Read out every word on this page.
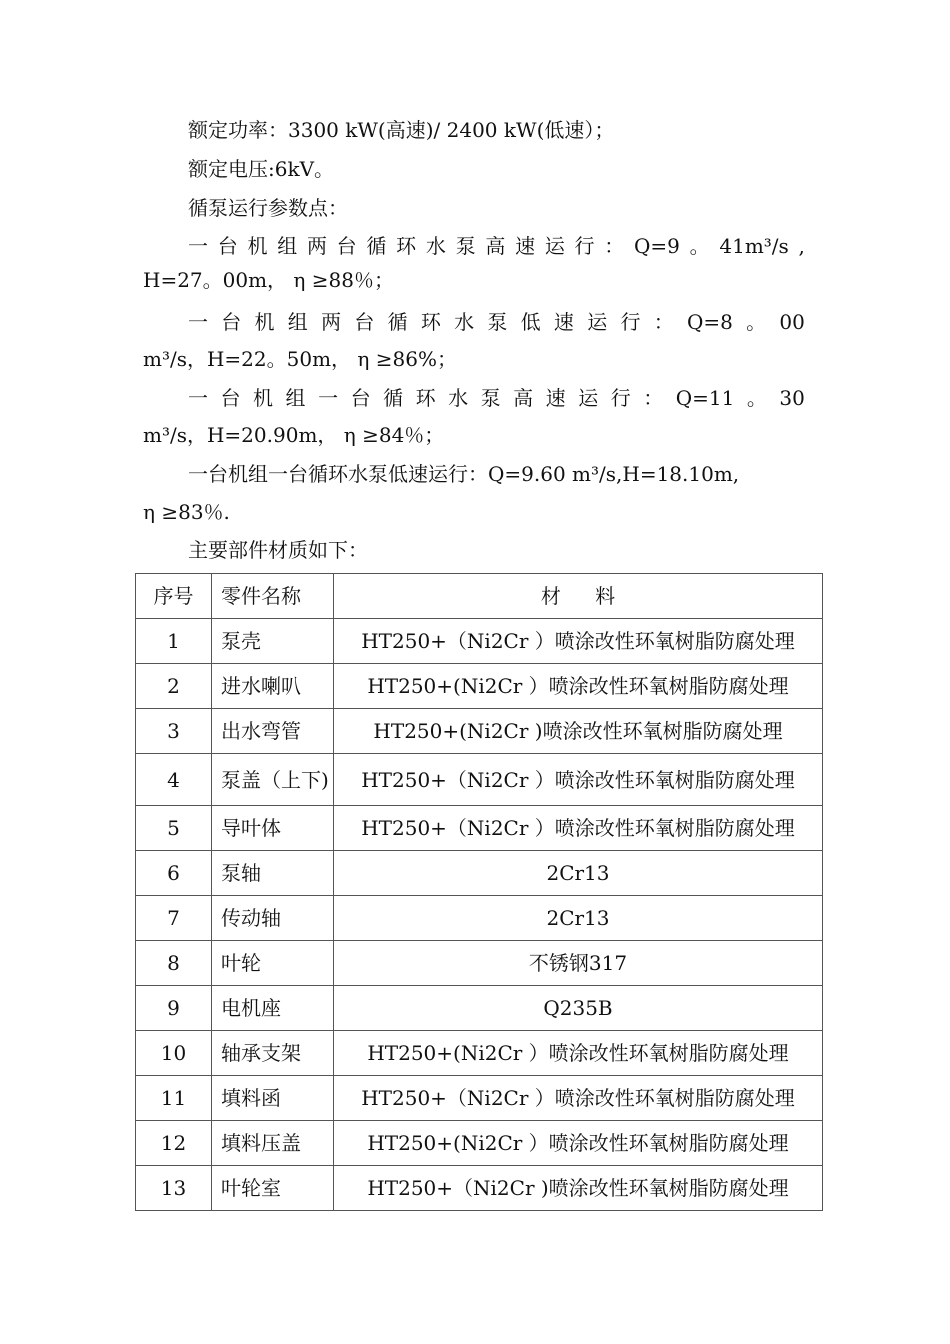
额定功率：3300 kW(高速)/ 2400 kW(低速）；
额定电压:6kV。
循泵运行参数点：
一 台 机 组 两 台 循 环 水 泵 高 速 运 行 ： Q=9 。 41m³/s ,
H=27。00m， η ≥88％；
一 台 机 组 两 台 循 环 水 泵 低 速 运 行 ： Q=8 。 00
m³/s，H=22。50m， η ≥86%；
一 台 机 组 一 台 循 环 水 泵 高 速 运 行 ： Q=11 。 30
m³/s，H=20.90m， η ≥84％；
一台机组一台循环水泵低速运行：Q=9.60 m³/s,H=18.10m,
η ≥83％.
主要部件材质如下：
序号	零件名称	材 料
1	泵壳	HT250+（Ni2Cr ）喷涂改性环氧树脂防腐处理
2	进水喇叭	HT250+(Ni2Cr ）喷涂改性环氧树脂防腐处理
3	出水弯管	HT250+(Ni2Cr )喷涂改性环氧树脂防腐处理
4	泵盖（上下)	HT250+（Ni2Cr ）喷涂改性环氧树脂防腐处理
5	导叶体	HT250+（Ni2Cr ）喷涂改性环氧树脂防腐处理
6	泵轴	2Cr13
7	传动轴	2Cr13
8	叶轮	不锈钢317
9	电机座	Q235B
10	轴承支架	HT250+(Ni2Cr ）喷涂改性环氧树脂防腐处理
11	填料函	HT250+（Ni2Cr ）喷涂改性环氧树脂防腐处理
12	填料压盖	HT250+(Ni2Cr ）喷涂改性环氧树脂防腐处理
13	叶轮室	HT250+（Ni2Cr )喷涂改性环氧树脂防腐处理
